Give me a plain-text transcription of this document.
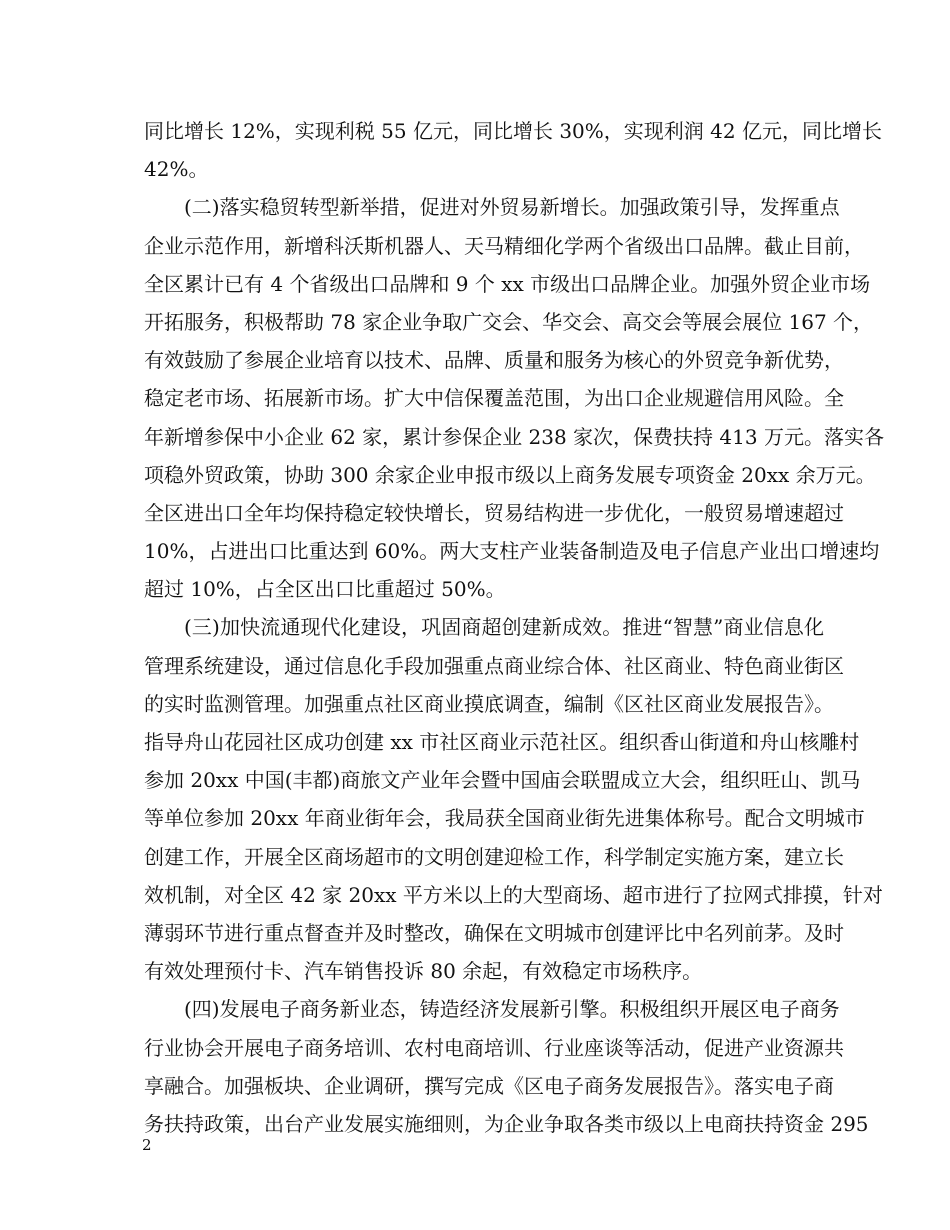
同比增长 12%，实现利税 55 亿元，同比增长 30%，实现利润 42 亿元，同比增长
42%。
(二)落实稳贸转型新举措，促进对外贸易新增长。加强政策引导，发挥重点
企业示范作用，新增科沃斯机器人、天马精细化学两个省级出口品牌。截止目前，
全区累计已有 4 个省级出口品牌和 9 个 xx 市级出口品牌企业。加强外贸企业市场
开拓服务，积极帮助 78 家企业争取广交会、华交会、高交会等展会展位 167 个，
有效鼓励了参展企业培育以技术、品牌、质量和服务为核心的外贸竞争新优势，
稳定老市场、拓展新市场。扩大中信保覆盖范围，为出口企业规避信用风险。全
年新增参保中小企业 62 家，累计参保企业 238 家次，保费扶持 413 万元。落实各
项稳外贸政策，协助 300 余家企业申报市级以上商务发展专项资金 20xx 余万元。
全区进出口全年均保持稳定较快增长，贸易结构进一步优化，一般贸易增速超过
10%，占进出口比重达到 60%。两大支柱产业装备制造及电子信息产业出口增速均
超过 10%，占全区出口比重超过 50%。
(三)加快流通现代化建设，巩固商超创建新成效。推进“智慧”商业信息化
管理系统建设，通过信息化手段加强重点商业综合体、社区商业、特色商业街区
的实时监测管理。加强重点社区商业摸底调查，编制《区社区商业发展报告》。
指导舟山花园社区成功创建 xx 市社区商业示范社区。组织香山街道和舟山核雕村
参加 20xx 中国(丰都)商旅文产业年会暨中国庙会联盟成立大会，组织旺山、凯马
等单位参加 20xx 年商业街年会，我局获全国商业街先进集体称号。配合文明城市
创建工作，开展全区商场超市的文明创建迎检工作，科学制定实施方案，建立长
效机制，对全区 42 家 20xx 平方米以上的大型商场、超市进行了拉网式排摸，针对
薄弱环节进行重点督查并及时整改，确保在文明城市创建评比中名列前茅。及时
有效处理预付卡、汽车销售投诉 80 余起，有效稳定市场秩序。
(四)发展电子商务新业态，铸造经济发展新引擎。积极组织开展区电子商务
行业协会开展电子商务培训、农村电商培训、行业座谈等活动，促进产业资源共
享融合。加强板块、企业调研，撰写完成《区电子商务发展报告》。落实电子商
务扶持政策，出台产业发展实施细则，为企业争取各类市级以上电商扶持资金 295
2
